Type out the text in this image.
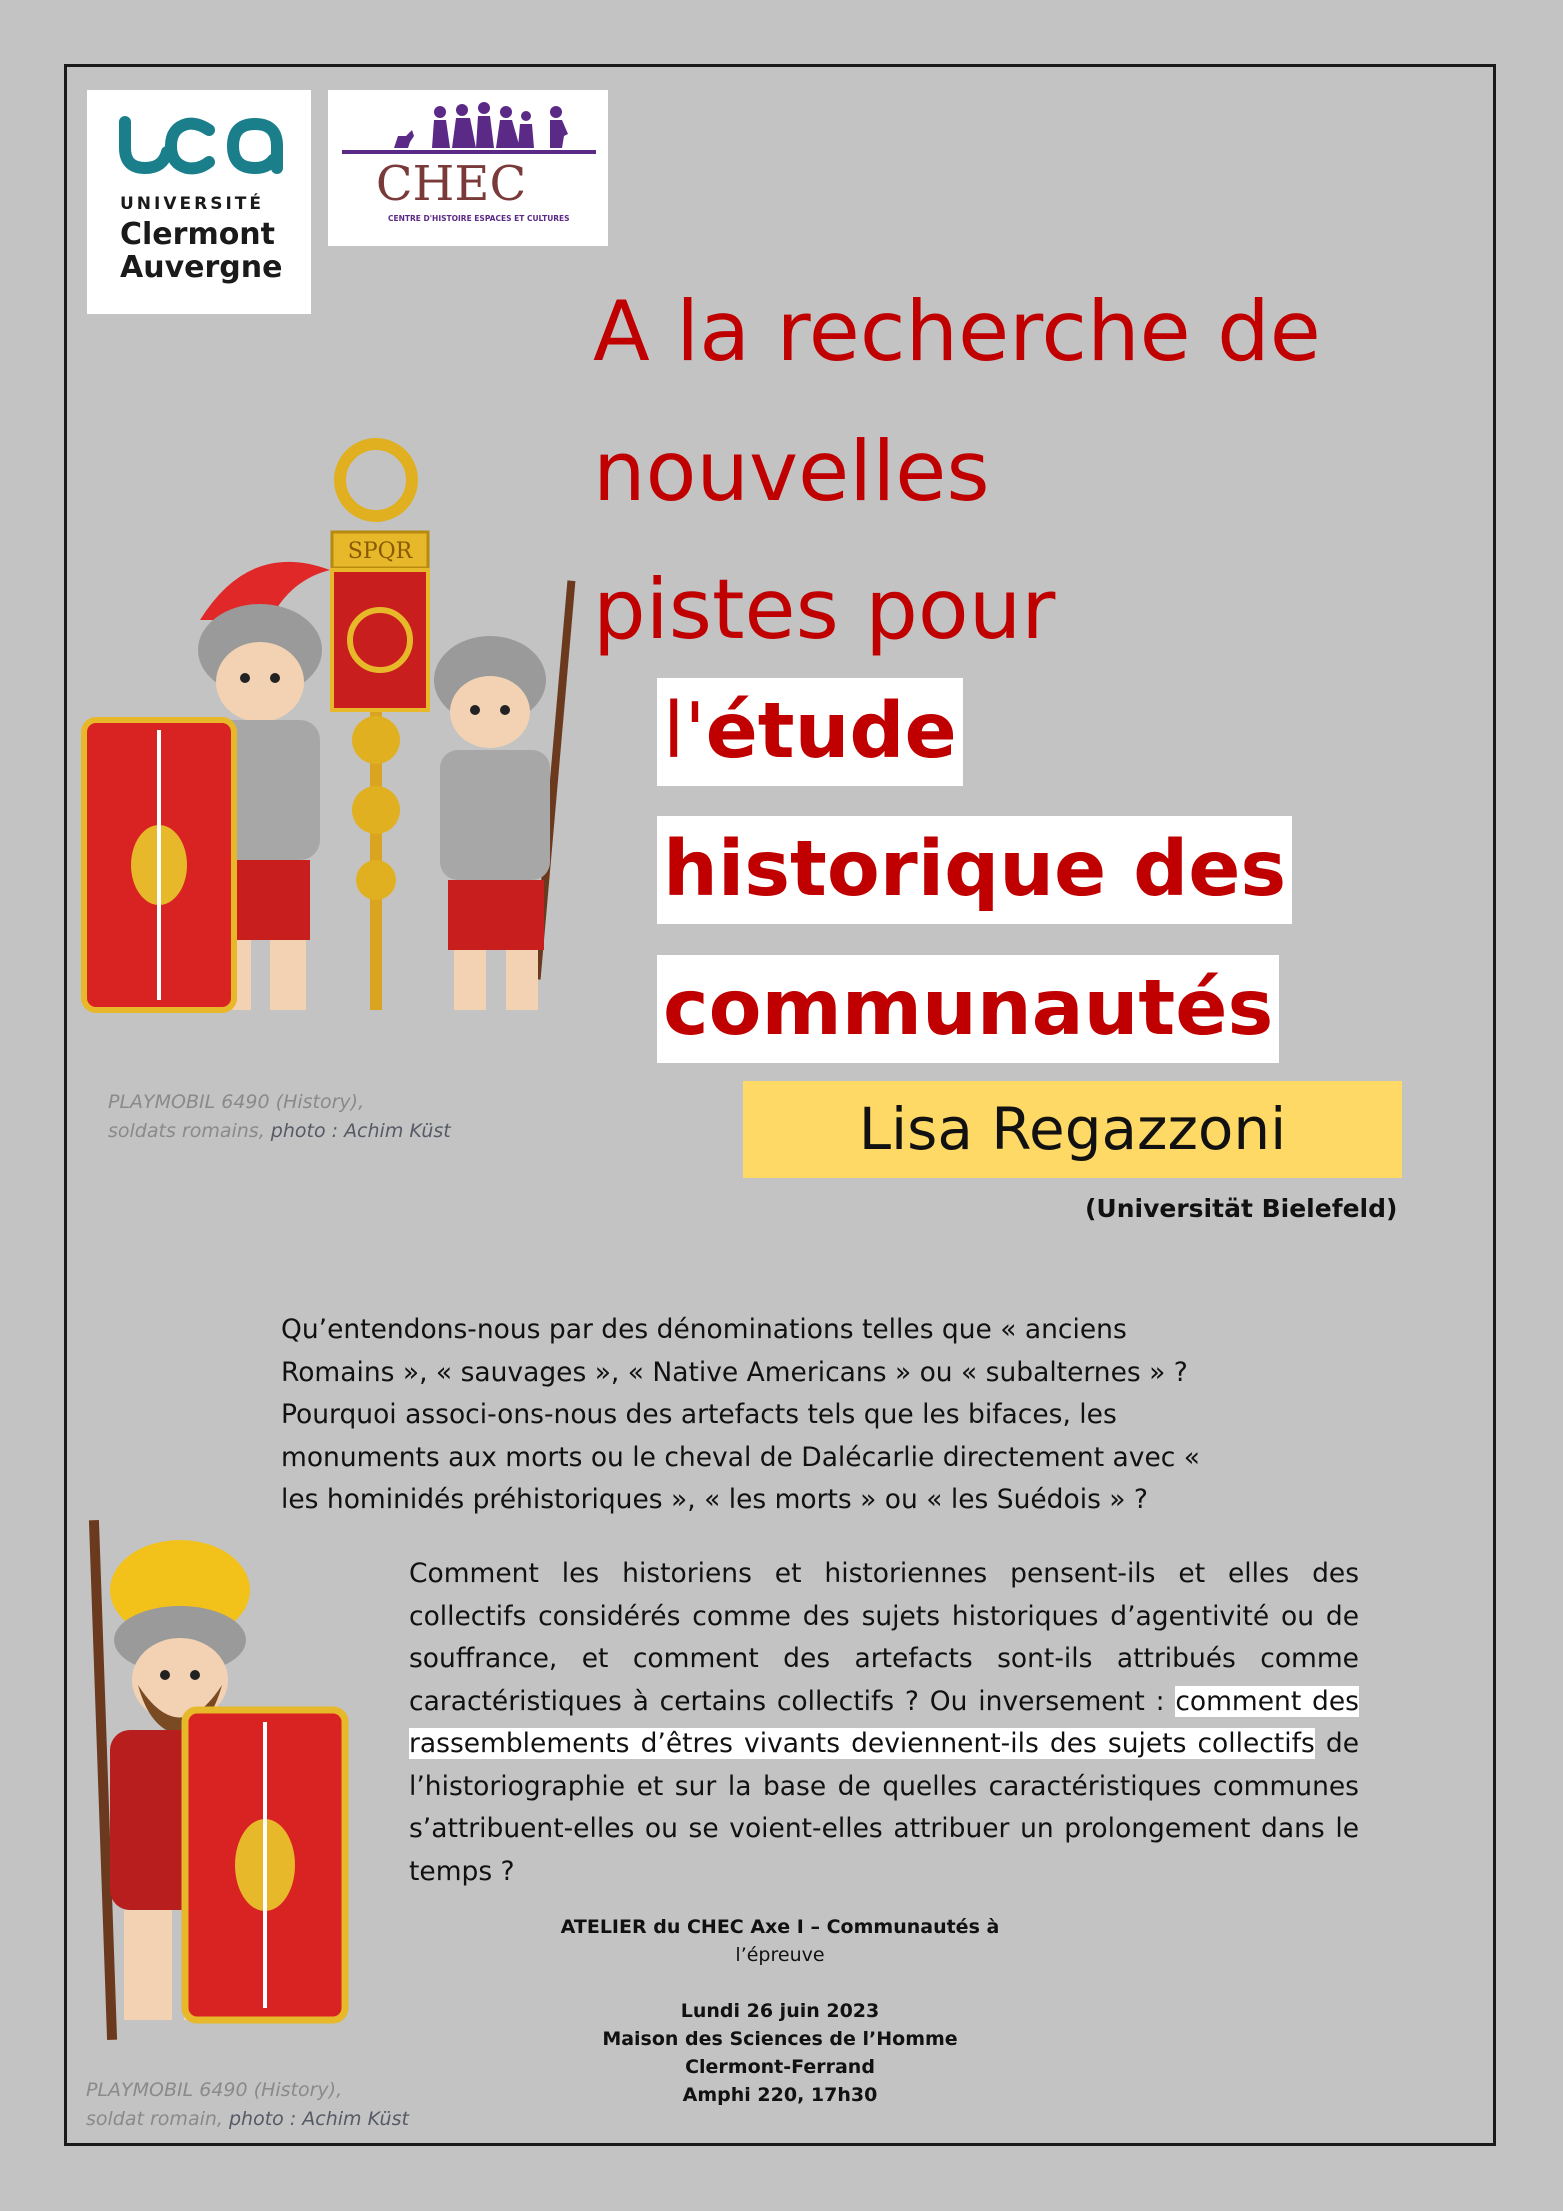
UNIVERSITÉ
Clermont
Auvergne
CHEC
CENTRE D'HISTOIRE ESPACES ET CULTURES
A la recherche de
nouvelles
pistes pour
l'étude
historique des
communautés
SPQR
PLAYMOBIL 6490 (History),
soldats romains, photo : Achim Küst	Lisa Regazzoni
(Universität Bielefeld)

Qu’entendons-nous par des dénominations telles que « anciens Romains », « sauvages », « Native Americans » ou « subalternes » ? Pourquoi associ-ons-nous des artefacts tels que les bifaces, les monuments aux morts ou le cheval de Dalécarlie directement avec « les hominidés préhistoriques », « les morts » ou « les Suédois » ?

Comment les historiens et historiennes pensent-ils et elles des collectifs considérés comme des sujets historiques d’agentivité ou de souffrance, et comment des artefacts sont-ils attribués comme caractéristiques à certains collectifs ? Ou inversement : comment des rassemblements d’êtres vivants deviennent-ils des sujets collectifs de l’historiographie et sur la base de quelles caractéristiques communes s’attribuent-elles ou se voient-elles attribuer un prolongement dans le temps ?

PLAYMOBIL 6490 (History),
soldat romain, photo : Achim Küst
ATELIER du CHEC Axe I – Communautés à
l’épreuve
Lundi 26 juin 2023
Maison des Sciences de l’Homme
Clermont-Ferrand
Amphi 220, 17h30
